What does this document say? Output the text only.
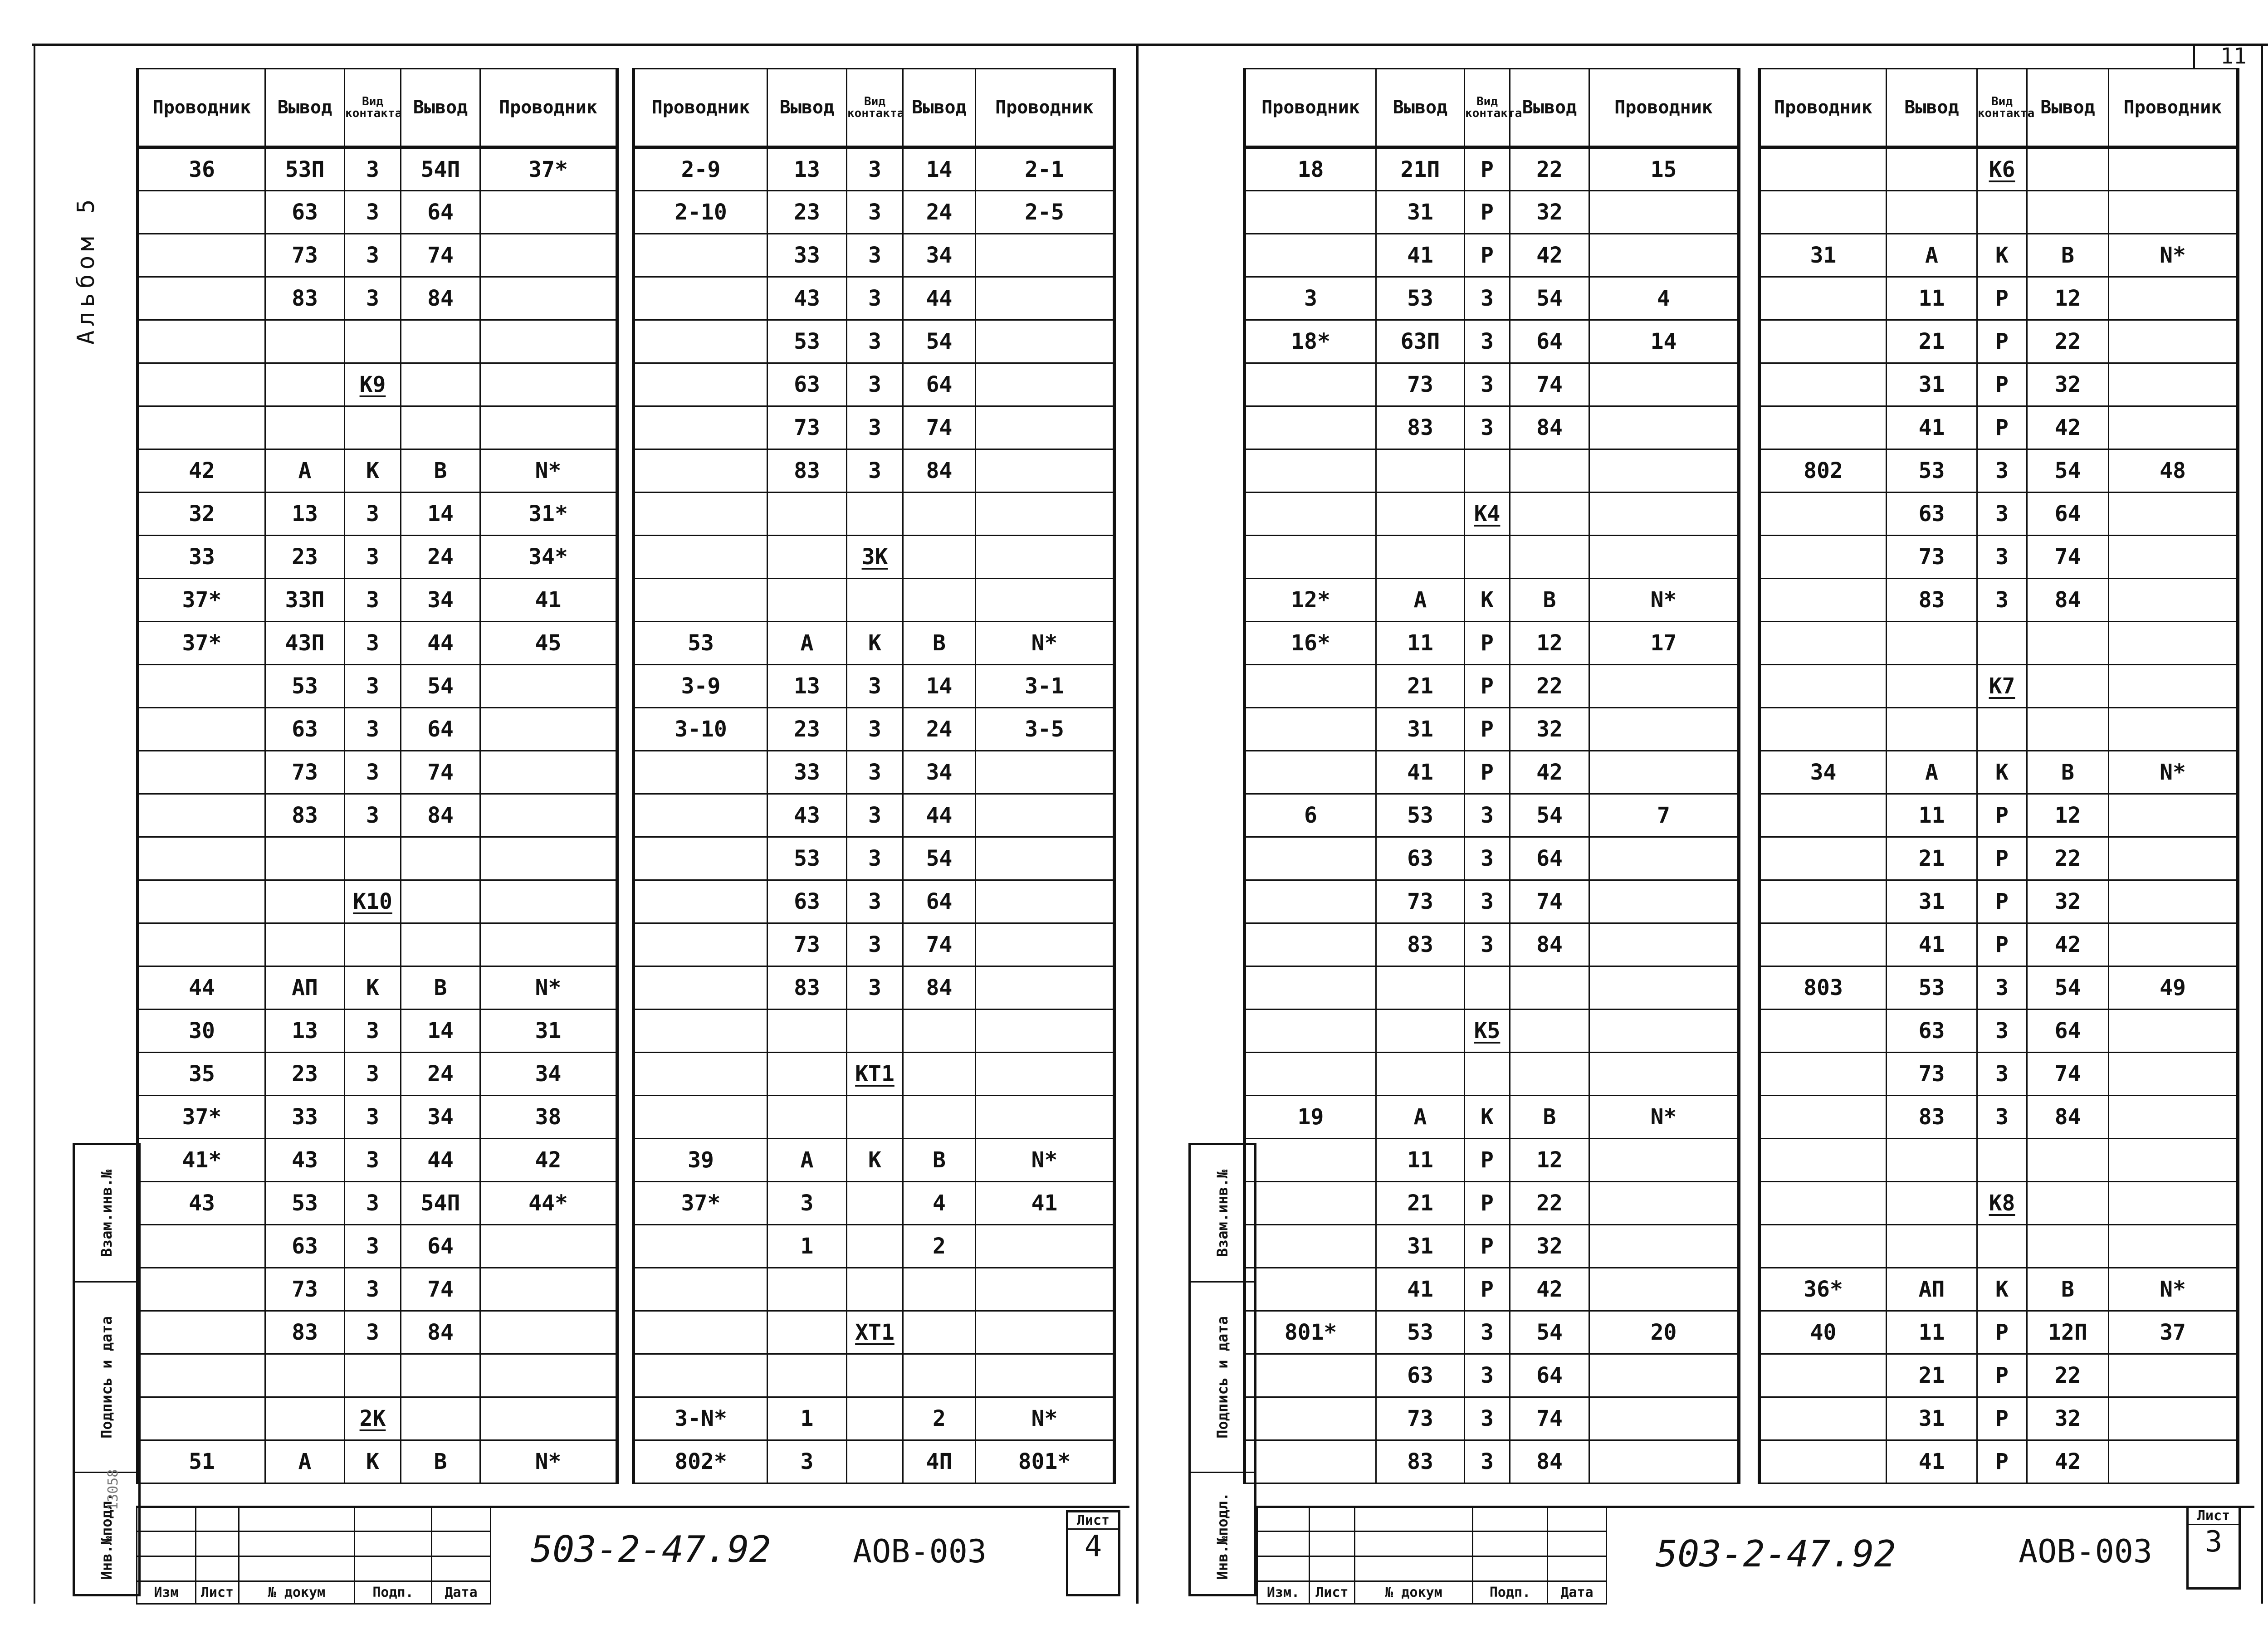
11
Альбом 5
Проводник	Вывод	Вид контакта	Вывод	Проводник
36	53П	3	54П	37*
	63	3	64	
	73	3	74	
	83	3	84	

		K9		

42	А	К	В	N*
32	13	3	14	31*
33	23	3	24	34*
37*	33П	3	34	41
37*	43П	3	44	45
	53	3	54	
	63	3	64	
	73	3	74	
	83	3	84	

		K10		

44	АП	К	В	N*
30	13	3	14	31
35	23	3	24	34
37*	33	3	34	38
41*	43	3	44	42
43	53	3	54П	44*
	63	3	64	
	73	3	74	
	83	3	84	

		2K		
51	А	К	В	N*
Проводник	Вывод	Вид контакта	Вывод	Проводник
2-9	13	3	14	2-1
2-10	23	3	24	2-5
	33	3	34	
	43	3	44	
	53	3	54	
	63	3	64	
	73	3	74	
	83	3	84	

		3K		

53	А	К	В	N*
3-9	13	3	14	3-1
3-10	23	3	24	3-5
	33	3	34	
	43	3	44	
	53	3	54	
	63	3	64	
	73	3	74	
	83	3	84	

		KT1		

39	А	К	В	N*
37*	3		4	41
	1		2	

		XT1		

3-N*	1		2	N*
802*	3		4П	801*
Проводник	Вывод	Вид контакта	Вывод	Проводник
18	21П	Р	22	15
	31	Р	32	
	41	Р	42	
3	53	3	54	4
18*	63П	3	64	14
	73	3	74	
	83	3	84	

		K4		

12*	А	К	В	N*
16*	11	Р	12	17
	21	Р	22	
	31	Р	32	
	41	Р	42	
6	53	3	54	7
	63	3	64	
	73	3	74	
	83	3	84	

		K5		

19	А	К	В	N*
	11	Р	12	
	21	Р	22	
	31	Р	32	
	41	Р	42	
801*	53	3	54	20
	63	3	64	
	73	3	74	
	83	3	84	
Проводник	Вывод	Вид контакта	Вывод	Проводник
		K6		

31	А	К	В	N*
	11	Р	12	
	21	Р	22	
	31	Р	32	
	41	Р	42	
802	53	3	54	48
	63	3	64	
	73	3	74	
	83	3	84	

		K7		

34	А	К	В	N*
	11	Р	12	
	21	Р	22	
	31	Р	32	
	41	Р	42	
803	53	3	54	49
	63	3	64	
	73	3	74	
	83	3	84	

		K8		

36*	АП	К	В	N*
40	11	Р	12П	37
	21	Р	22	
	31	Р	32	
	41	Р	42	
Взам.инв.№
Подпись и дата
Инв.№подл.
13058

Изм	Лист	№ докум	Подп.	Дата
503-2-47.92	АОВ-003
Лист
4
Взам.инв.№
Подпись и дата
Инв.№подл.

Изм.	Лист	№ докум	Подп.	Дата
503-2-47.92	АОВ-003
Лист
3
